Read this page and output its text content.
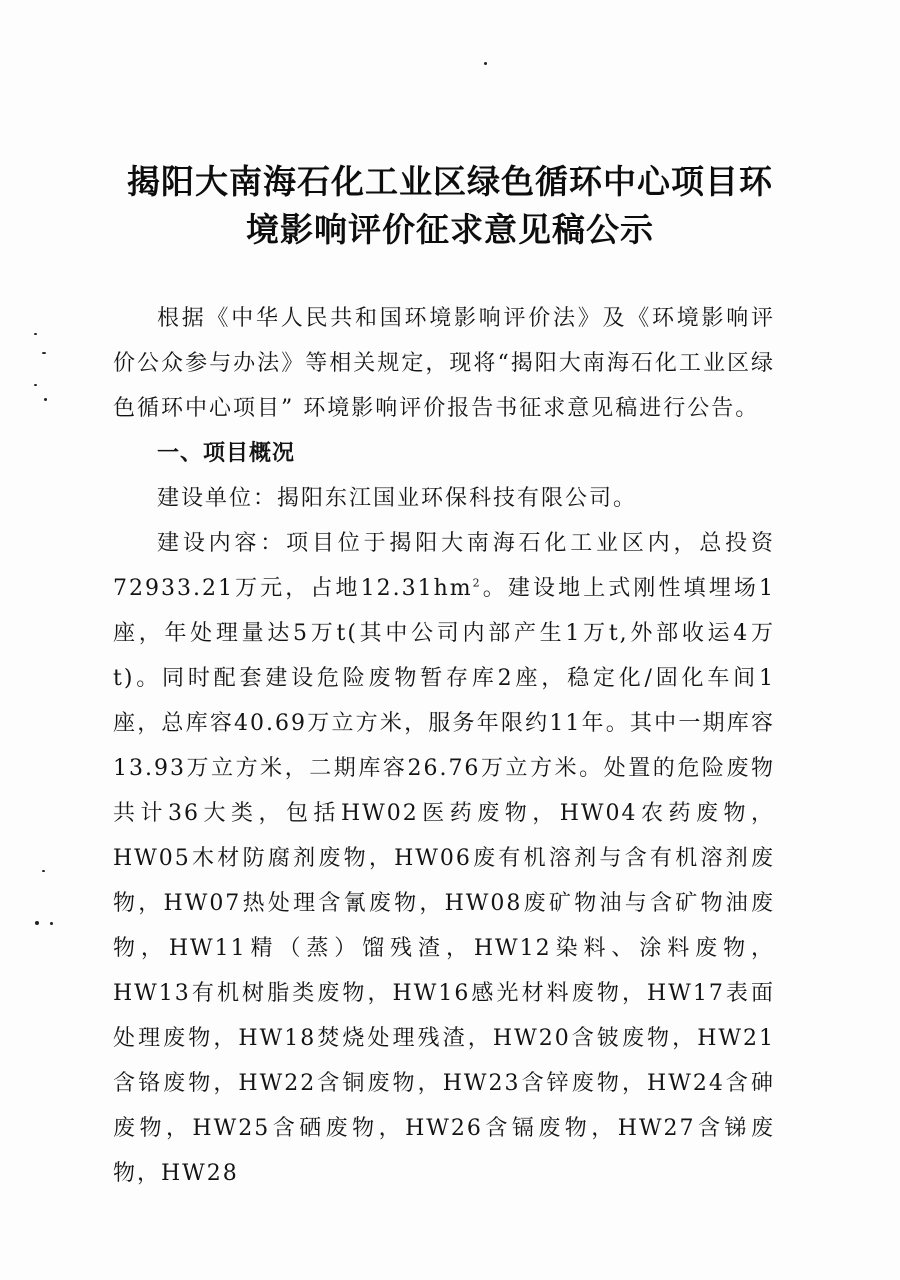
揭阳大南海石化工业区绿色循环中心项目环
境影响评价征求意见稿公示

根据《中华人民共和国环境影响评价法》及《环境影响评价公众参与办法》等相关规定，现将“揭阳大南海石化工业区绿色循环中心项目” 环境影响评价报告书征求意见稿进行公告。

一、项目概况

建设单位：揭阳东江国业环保科技有限公司。

建设内容：项目位于揭阳大南海石化工业区内，总投资72933.21万元，占地$12.31hm^2$。建设地上式刚性填埋场1座，年处理量达5万t(其中公司内部产生1万t,外部收运4万t)。同时配套建设危险废物暂存库2座，稳定化/固化车间1座，总库容40.69万立方米，服务年限约11年。其中一期库容13.93万立方米，二期库容26.76万立方米。处置的危险废物共计36大类，包括HW02医药废物，HW04农药废物，HW05木材防腐剂废物，HW06废有机溶剂与含有机溶剂废物，HW07热处理含氰废物，HW08废矿物油与含矿物油废物，HW11精（蒸）馏残渣，HW12染料、涂料废物，HW13有机树脂类废物，HW16感光材料废物，HW17表面处理废物，HW18焚烧处理残渣，HW20含铍废物，HW21含铬废物，HW22含铜废物，HW23含锌废物，HW24含砷废物，HW25含硒废物，HW26含镉废物，HW27含锑废物，HW28
